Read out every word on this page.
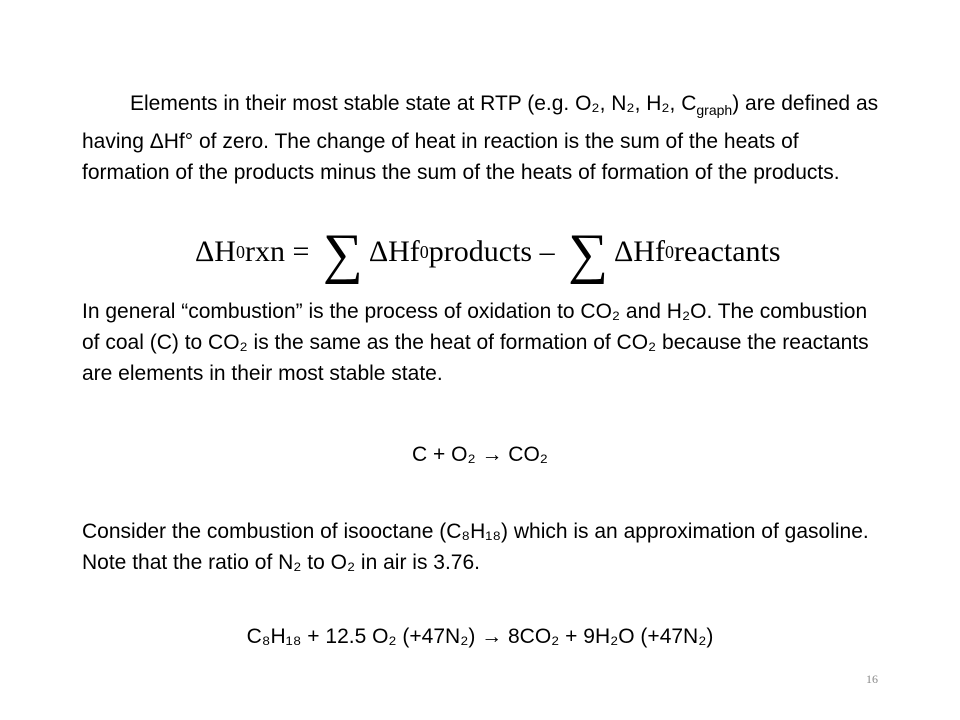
Elements in their most stable state at RTP (e.g. O₂, N₂, H₂, $C_{graph}$) are defined as having ΔHf° of zero. The change of heat in reaction is the sum of the heats of formation of the products minus the sum of the heats of formation of the products.
ΔH 0 rxn = ∑ ΔHf 0 products – ∑ ΔHf 0 reactants
In general “combustion” is the process of oxidation to CO₂ and H₂O. The combustion of coal (C) to CO₂ is the same as the heat of formation of CO₂ because the reactants are elements in their most stable state.
C + O₂ → CO₂
Consider the combustion of isooctane (C₈H₁₈) which is an approximation of gasoline. Note that the ratio of N₂ to O₂ in air is 3.76.
C₈H₁₈ + 12.5 O₂ (+47N₂) → 8CO₂ + 9H₂O (+47N₂)
16
